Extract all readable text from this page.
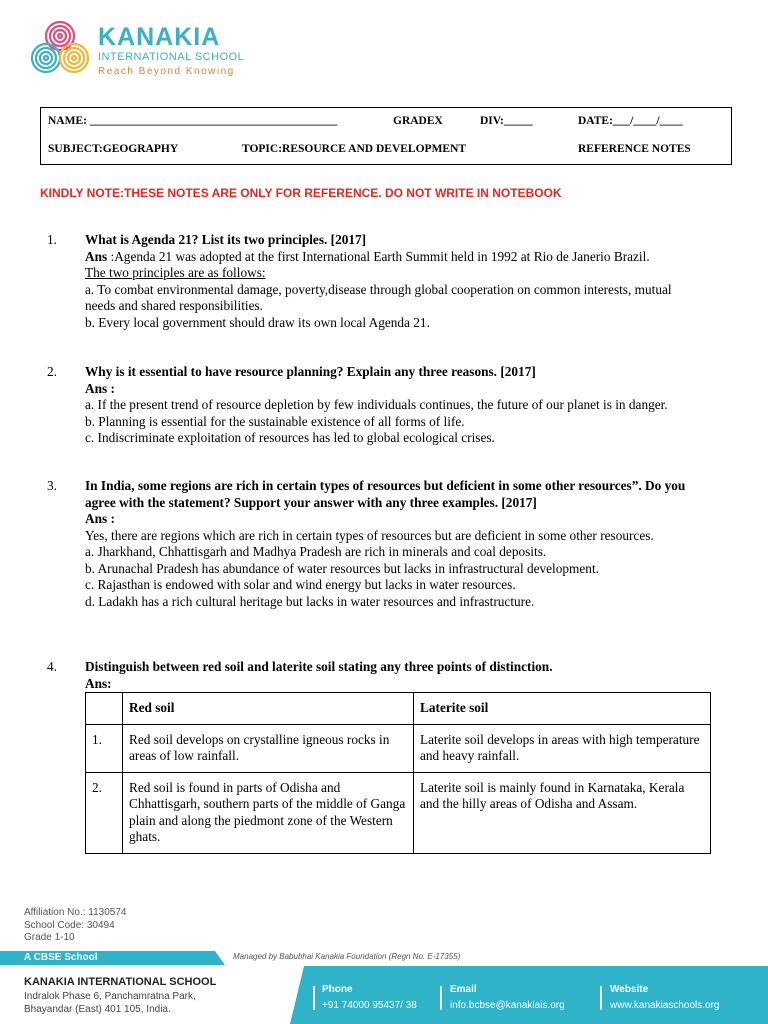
KANAKIA
INTERNATIONAL SCHOOL
Reach Beyond Knowing
NAME: ___________________________________________	GRADEX	DIV:_____	DATE:___/____/____
SUBJECT:GEOGRAPHY	TOPIC:RESOURCE AND DEVELOPMENT	REFERENCE NOTES
KINDLY NOTE:THESE NOTES ARE ONLY FOR REFERENCE. DO NOT WRITE IN NOTEBOOK
1. What is Agenda 21? List its two principles. [2017]

Ans :Agenda 21 was adopted at the first International Earth Summit held in 1992 at Rio de Janerio Brazil.

The two principles are as follows:

a. To combat environmental damage, poverty,disease through global cooperation on common interests, mutual needs and shared responsibilities.

b. Every local government should draw its own local Agenda 21.

2. Why is it essential to have resource planning? Explain any three reasons. [2017]

Ans :

a. If the present trend of resource depletion by few individuals continues, the future of our planet is in danger.

b. Planning is essential for the sustainable existence of all forms of life.

c. Indiscriminate exploitation of resources has led to global ecological crises.

3. In India, some regions are rich in certain types of resources but deficient in some other resources”. Do you agree with the statement? Support your answer with any three examples. [2017]

Ans :

Yes, there are regions which are rich in certain types of resources but are deficient in some other resources.

a. Jharkhand, Chhattisgarh and Madhya Pradesh are rich in minerals and coal deposits.

b. Arunachal Pradesh has abundance of water resources but lacks in infrastructural development.

c. Rajasthan is endowed with solar and wind energy but lacks in water resources.

d. Ladakh has a rich cultural heritage but lacks in water resources and infrastructure.

4. Distinguish between red soil and laterite soil stating any three points of distinction.

Ans:

	Red soil	Laterite soil
1.	Red soil develops on crystalline igneous rocks in areas of low rainfall.	Laterite soil develops in areas with high temperature and heavy rainfall.
2.	Red soil is found in parts of Odisha and Chhattisgarh, southern parts of the middle of Ganga plain and along the piedmont zone of the Western ghats.	Laterite soil is mainly found in Karnataka, Kerala and the hilly areas of Odisha and Assam.
Affiliation No.: 1130574
School Code: 30494
Grade 1-10
A CBSE School	Managed by Babubhai Kanakia Foundation (Regn No. E-17355)
KANAKIA INTERNATIONAL SCHOOL
Indralok Phase 6, Panchamratna Park,
Bhayandar (East) 401 105, India.
Phone
+91 74000 95437/ 38
Email
info.bcbse@kanakiais.org
Website
www.kanakiaschools.org
